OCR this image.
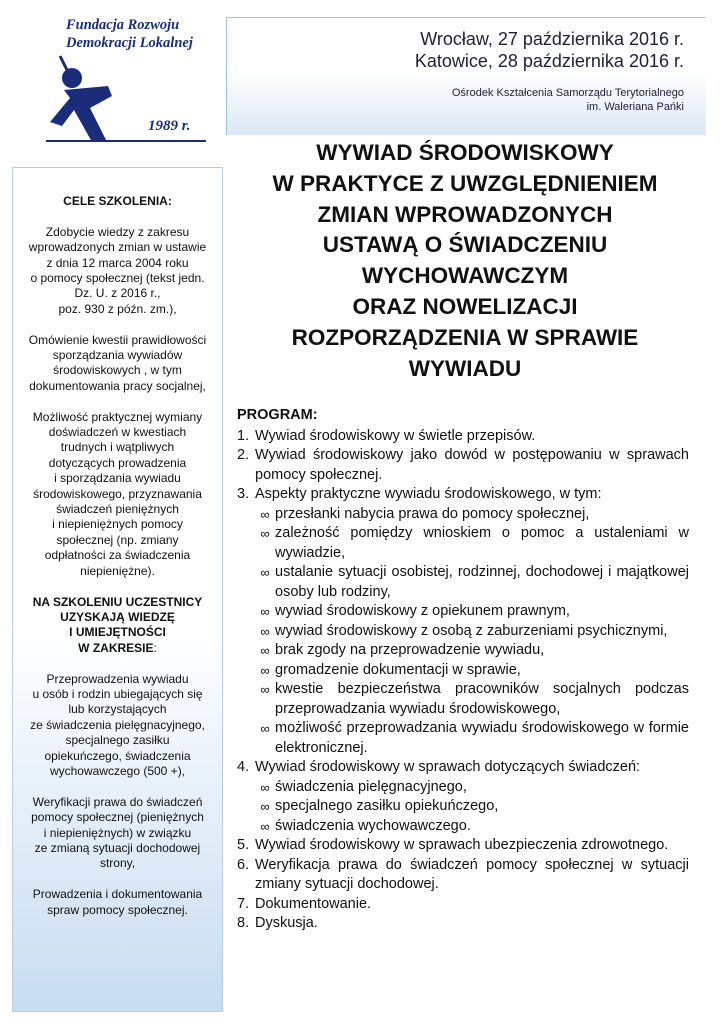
Fundacja Rozwoju
Demokracji Lokalnej
1989 r.
Wrocław, 27 października 2016 r.
Katowice, 28 października 2016 r.
Ośrodek Kształcenia Samorządu Terytorialnego
im. Waleriana Pańki
WYWIAD ŚRODOWISKOWY
W PRAKTYCE Z UWZGLĘDNIENIEM
ZMIAN WPROWADZONYCH
USTAWĄ O ŚWIADCZENIU
WYCHOWAWCZYM
ORAZ NOWELIZACJI
ROZPORZĄDZENIA W SPRAWIE
WYWIADU

CELE SZKOLENIA:

Zdobycie wiedzy z zakresu

wprowadzonych zmian w ustawie

z dnia 12 marca 2004 roku

o pomocy społecznej (tekst jedn.

Dz. U. z 2016 r.,

poz. 930 z późn. zm.),

Omówienie kwestii prawidłowości

sporządzania wywiadów

środowiskowych , w tym

dokumentowania pracy socjalnej,

Możliwość praktycznej wymiany

doświadczeń w kwestiach

trudnych i wątpliwych

dotyczących prowadzenia

i sporządzania wywiadu

środowiskowego, przyznawania

świadczeń pieniężnych

i niepieniężnych pomocy

społecznej (np. zmiany

odpłatności za świadczenia

niepieniężne).

NA SZKOLENIU UCZESTNICY

UZYSKAJĄ WIEDZĘ

I UMIEJĘTNOŚCI

W ZAKRESIE:

Przeprowadzenia wywiadu

u osób i rodzin ubiegających się

lub korzystających

ze świadczenia pielęgnacyjnego,

specjalnego zasiłku

opiekuńczego, świadczenia

wychowawczego (500 +),

Weryfikacji prawa do świadczeń

pomocy społecznej (pieniężnych

i niepieniężnych) w związku

ze zmianą sytuacji dochodowej

strony,

Prowadzenia i dokumentowania

spraw pomocy społecznej.

PROGRAM:
1. Wywiad środowiskowy w świetle przepisów.
2. Wywiad środowiskowy jako dowód w postępowaniu w sprawach pomocy społecznej.
3. Aspekty praktyczne wywiadu środowiskowego, w tym:
∞ przesłanki nabycia prawa do pomocy społecznej,
∞ zależność pomiędzy wnioskiem o pomoc a ustaleniami w wywiadzie,
∞ ustalanie sytuacji osobistej, rodzinnej, dochodowej i majątkowej osoby lub rodziny,
∞ wywiad środowiskowy z opiekunem prawnym,
∞ wywiad środowiskowy z osobą z zaburzeniami psychicznymi,
∞ brak zgody na przeprowadzenie wywiadu,
∞ gromadzenie dokumentacji w sprawie,
∞ kwestie bezpieczeństwa pracowników socjalnych podczas przeprowadzania wywiadu środowiskowego,
∞ możliwość przeprowadzania wywiadu środowiskowego w formie elektronicznej.
4. Wywiad środowiskowy w sprawach dotyczących świadczeń:
∞ świadczenia pielęgnacyjnego,
∞ specjalnego zasiłku opiekuńczego,
∞ świadczenia wychowawczego.
5. Wywiad środowiskowy w sprawach ubezpieczenia zdrowotnego.
6. Weryfikacja prawa do świadczeń pomocy społecznej w sytuacji zmiany sytuacji dochodowej.
7. Dokumentowanie.
8. Dyskusja.
